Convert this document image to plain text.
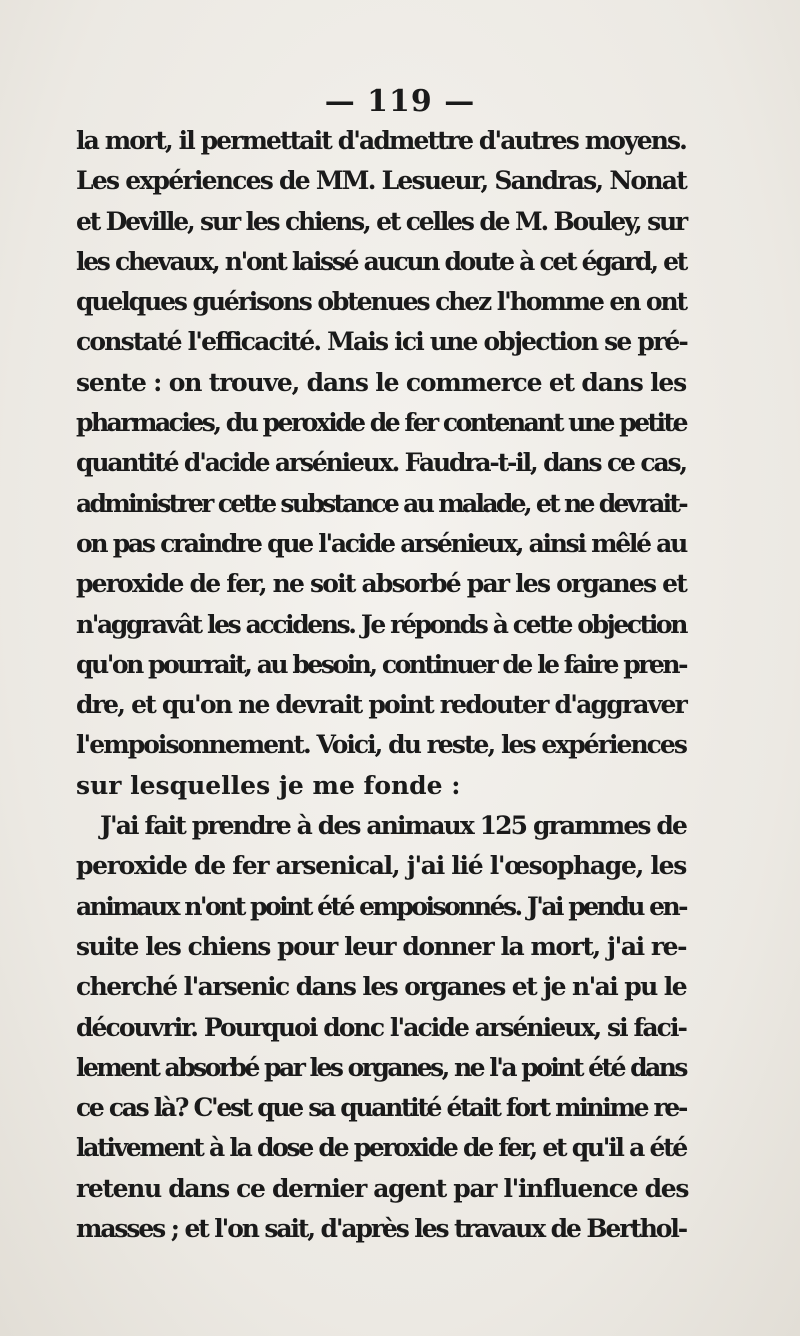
— 119 —
la mort, il permettait d'admettre d'autres moyens.
Les expériences de MM. Lesueur, Sandras, Nonat
et Deville, sur les chiens, et celles de M. Bouley, sur
les chevaux, n'ont laissé aucun doute à cet égard, et
quelques guérisons obtenues chez l'homme en ont
constaté l'efficacité. Mais ici une objection se pré-
sente : on trouve, dans le commerce et dans les
pharmacies, du peroxide de fer contenant une petite
quantité d'acide arsénieux. Faudra-t-il, dans ce cas,
administrer cette substance au malade, et ne devrait-
on pas craindre que l'acide arsénieux, ainsi mêlé au
peroxide de fer, ne soit absorbé par les organes et
n'aggravât les accidens. Je réponds à cette objection
qu'on pourrait, au besoin, continuer de le faire pren-
dre, et qu'on ne devrait point redouter d'aggraver
l'empoisonnement. Voici, du reste, les expériences
sur lesquelles je me fonde :
J'ai fait prendre à des animaux 125 grammes de
peroxide de fer arsenical, j'ai lié l'œsophage, les
animaux n'ont point été empoisonnés. J'ai pendu en-
suite les chiens pour leur donner la mort, j'ai re-
cherché l'arsenic dans les organes et je n'ai pu le
découvrir. Pourquoi donc l'acide arsénieux, si faci-
lement absorbé par les organes, ne l'a point été dans
ce cas là? C'est que sa quantité était fort minime re-
lativement à la dose de peroxide de fer, et qu'il a été
retenu dans ce dernier agent par l'influence des
masses ; et l'on sait, d'après les travaux de Berthol-
